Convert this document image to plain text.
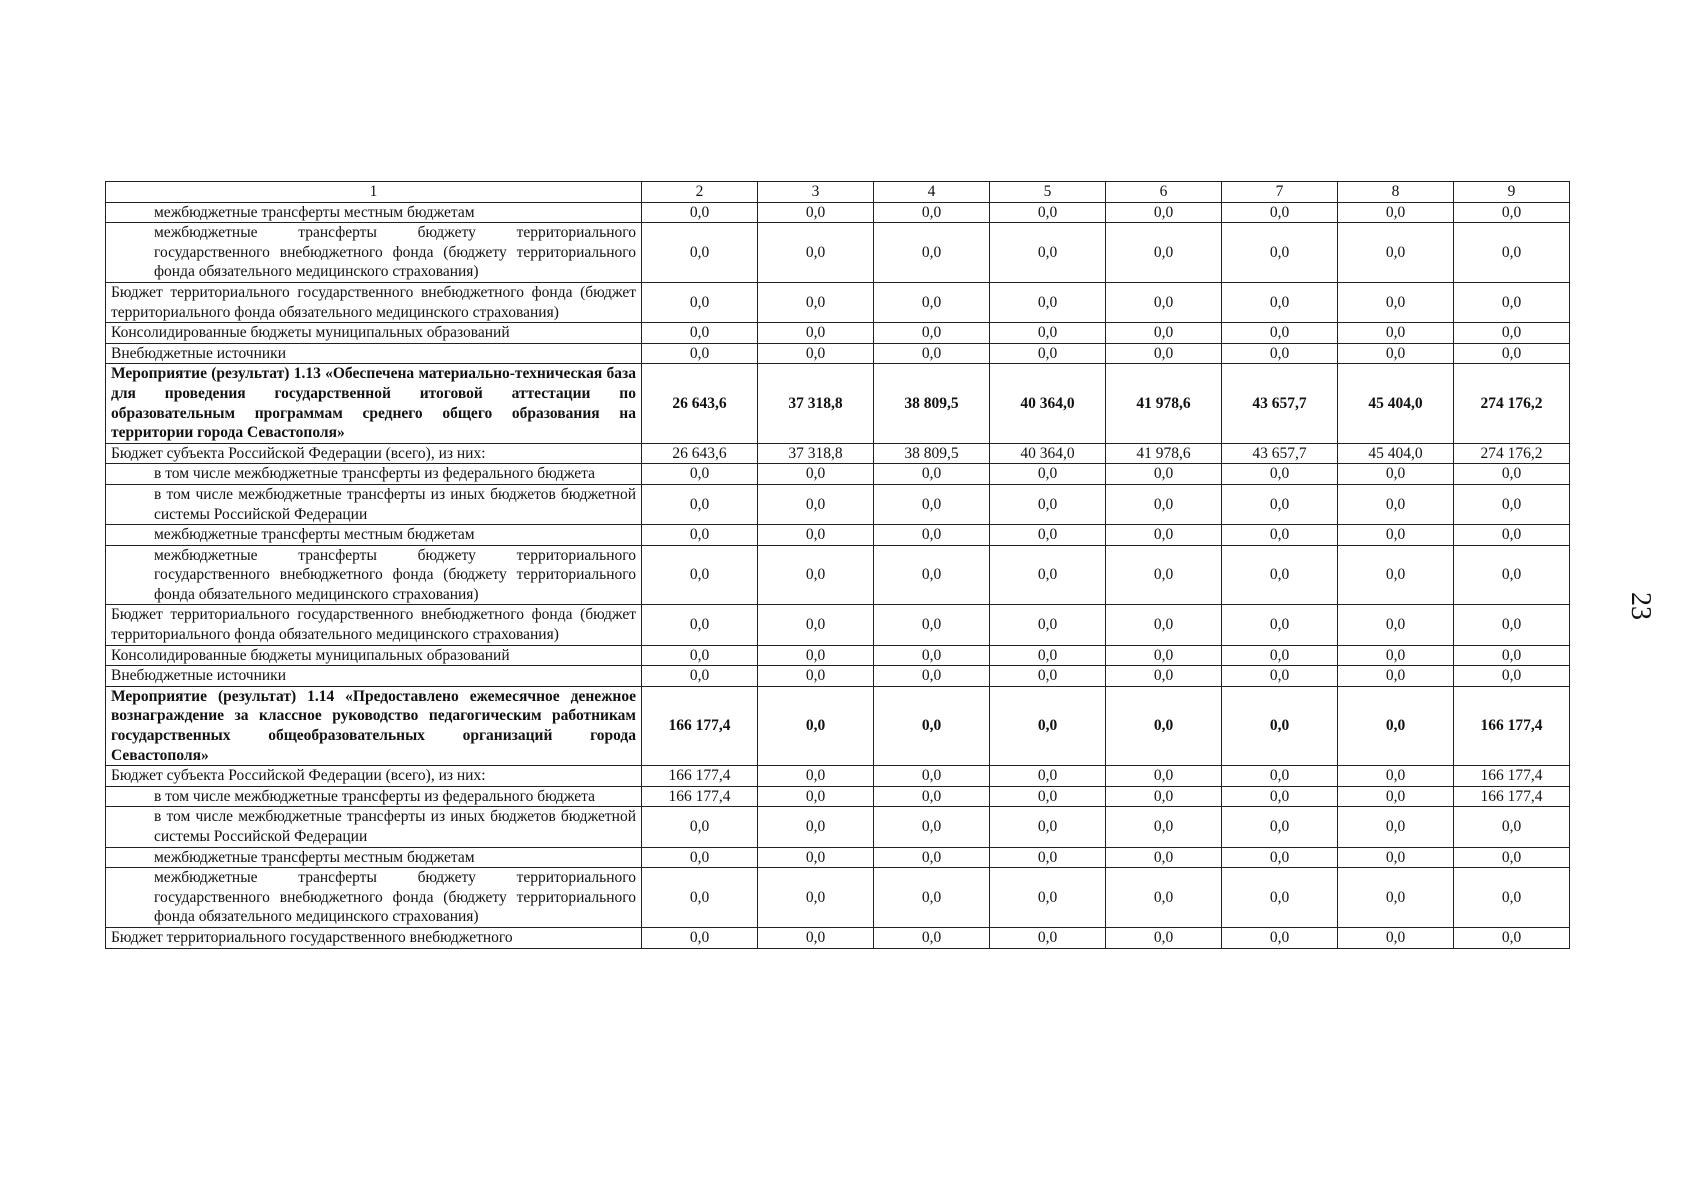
1	2	3	4	5	6	7	8	9
межбюджетные трансферты местным бюджетам	0,0	0,0	0,0	0,0	0,0	0,0	0,0	0,0
межбюджетные трансферты бюджету территориального государственного внебюджетного фонда (бюджету территориального фонда обязательного медицинского страхования)	0,0	0,0	0,0	0,0	0,0	0,0	0,0	0,0
Бюджет территориального государственного внебюджетного фонда (бюджет территориального фонда обязательного медицинского страхования)	0,0	0,0	0,0	0,0	0,0	0,0	0,0	0,0
Консолидированные бюджеты муниципальных образований	0,0	0,0	0,0	0,0	0,0	0,0	0,0	0,0
Внебюджетные источники	0,0	0,0	0,0	0,0	0,0	0,0	0,0	0,0
Мероприятие (результат) 1.13 «Обеспечена материально-техническая база для проведения государственной итоговой аттестации по образовательным программам среднего общего образования на территории города Севастополя»	26 643,6	37 318,8	38 809,5	40 364,0	41 978,6	43 657,7	45 404,0	274 176,2
Бюджет субъекта Российской Федерации (всего), из них:	26 643,6	37 318,8	38 809,5	40 364,0	41 978,6	43 657,7	45 404,0	274 176,2
в том числе межбюджетные трансферты из федерального бюджета	0,0	0,0	0,0	0,0	0,0	0,0	0,0	0,0
в том числе межбюджетные трансферты из иных бюджетов бюджетной системы Российской Федерации	0,0	0,0	0,0	0,0	0,0	0,0	0,0	0,0
межбюджетные трансферты местным бюджетам	0,0	0,0	0,0	0,0	0,0	0,0	0,0	0,0
межбюджетные трансферты бюджету территориального государственного внебюджетного фонда (бюджету территориального фонда обязательного медицинского страхования)	0,0	0,0	0,0	0,0	0,0	0,0	0,0	0,0
Бюджет территориального государственного внебюджетного фонда (бюджет территориального фонда обязательного медицинского страхования)	0,0	0,0	0,0	0,0	0,0	0,0	0,0	0,0
Консолидированные бюджеты муниципальных образований	0,0	0,0	0,0	0,0	0,0	0,0	0,0	0,0
Внебюджетные источники	0,0	0,0	0,0	0,0	0,0	0,0	0,0	0,0
Мероприятие (результат) 1.14 «Предоставлено ежемесячное денежное вознаграждение за классное руководство педагогическим работникам государственных общеобразовательных организаций города Севастополя»	166 177,4	0,0	0,0	0,0	0,0	0,0	0,0	166 177,4
Бюджет субъекта Российской Федерации (всего), из них:	166 177,4	0,0	0,0	0,0	0,0	0,0	0,0	166 177,4
в том числе межбюджетные трансферты из федерального бюджета	166 177,4	0,0	0,0	0,0	0,0	0,0	0,0	166 177,4
в том числе межбюджетные трансферты из иных бюджетов бюджетной системы Российской Федерации	0,0	0,0	0,0	0,0	0,0	0,0	0,0	0,0
межбюджетные трансферты местным бюджетам	0,0	0,0	0,0	0,0	0,0	0,0	0,0	0,0
межбюджетные трансферты бюджету территориального государственного внебюджетного фонда (бюджету территориального фонда обязательного медицинского страхования)	0,0	0,0	0,0	0,0	0,0	0,0	0,0	0,0
Бюджет территориального государственного внебюджетного	0,0	0,0	0,0	0,0	0,0	0,0	0,0	0,0
23
